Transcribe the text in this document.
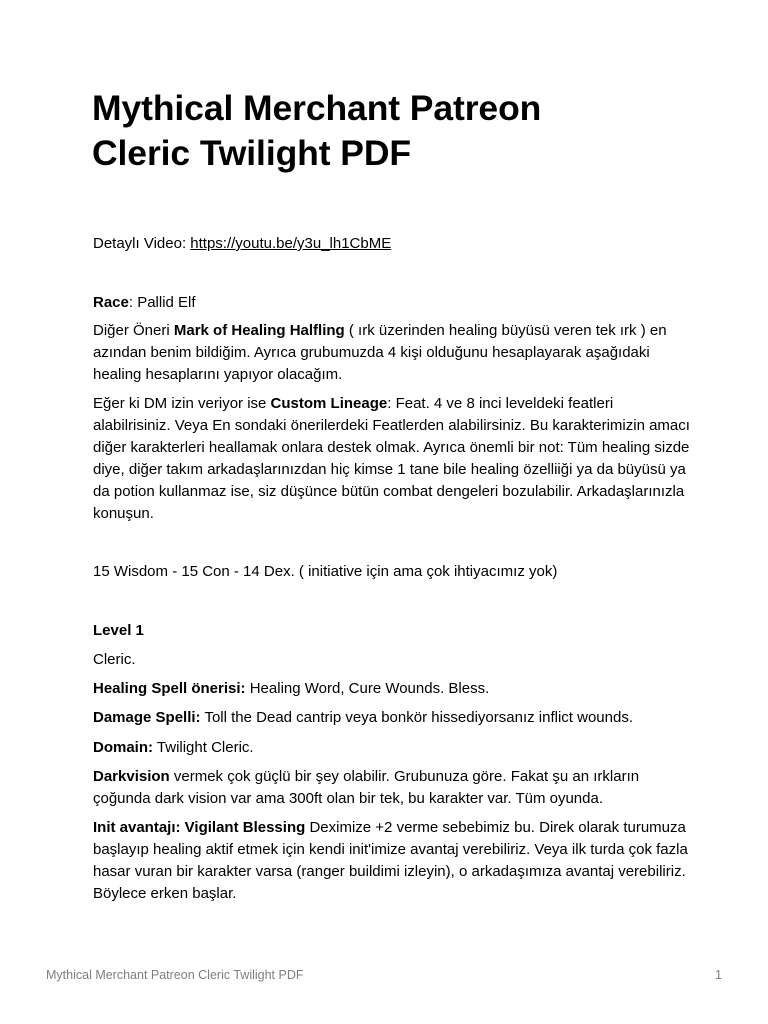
Mythical Merchant Patreon
Cleric Twilight PDF

Detaylı Video: https://youtu.be/y3u_lh1CbME

Race: Pallid Elf

Diğer Öneri Mark of Healing Halfling ( ırk üzerinden healing büyüsü veren tek ırk ) en azından benim bildiğim. Ayrıca grubumuzda 4 kişi olduğunu hesaplayarak aşağıdaki healing hesaplarını yapıyor olacağım.

Eğer ki DM izin veriyor ise Custom Lineage: Feat. 4 ve 8 inci leveldeki featleri alabilrisiniz. Veya En sondaki önerilerdeki Featlerden alabilirsiniz. Bu karakterimizin amacı diğer karakterleri heallamak onlara destek olmak. Ayrıca önemli bir not: Tüm healing sizde diye, diğer takım arkadaşlarınızdan hiç kimse 1 tane bile healing özelliiği ya da büyüsü ya da potion kullanmaz ise, siz düşünce bütün combat dengeleri bozulabilir. Arkadaşlarınızla konuşun.

15 Wisdom - 15 Con - 14 Dex. ( initiative için ama çok ihtiyacımız yok)

Level 1

Cleric.

Healing Spell önerisi: Healing Word, Cure Wounds. Bless.

Damage Spelli: Toll the Dead cantrip veya bonkör hissediyorsanız inflict wounds.

Domain: Twilight Cleric.

Darkvision vermek çok güçlü bir şey olabilir. Grubunuza göre. Fakat şu an ırkların çoğunda dark vision var ama 300ft olan bir tek, bu karakter var. Tüm oyunda.

Init avantajı: Vigilant Blessing Deximize +2 verme sebebimiz bu. Direk olarak turumuza başlayıp healing aktif etmek için kendi init'imize avantaj verebiliriz. Veya ilk turda çok fazla hasar vuran bir karakter varsa (ranger buildimi izleyin), o arkadaşımıza avantaj verebiliriz. Böylece erken başlar.

Mythical Merchant Patreon Cleric Twilight PDF	1
